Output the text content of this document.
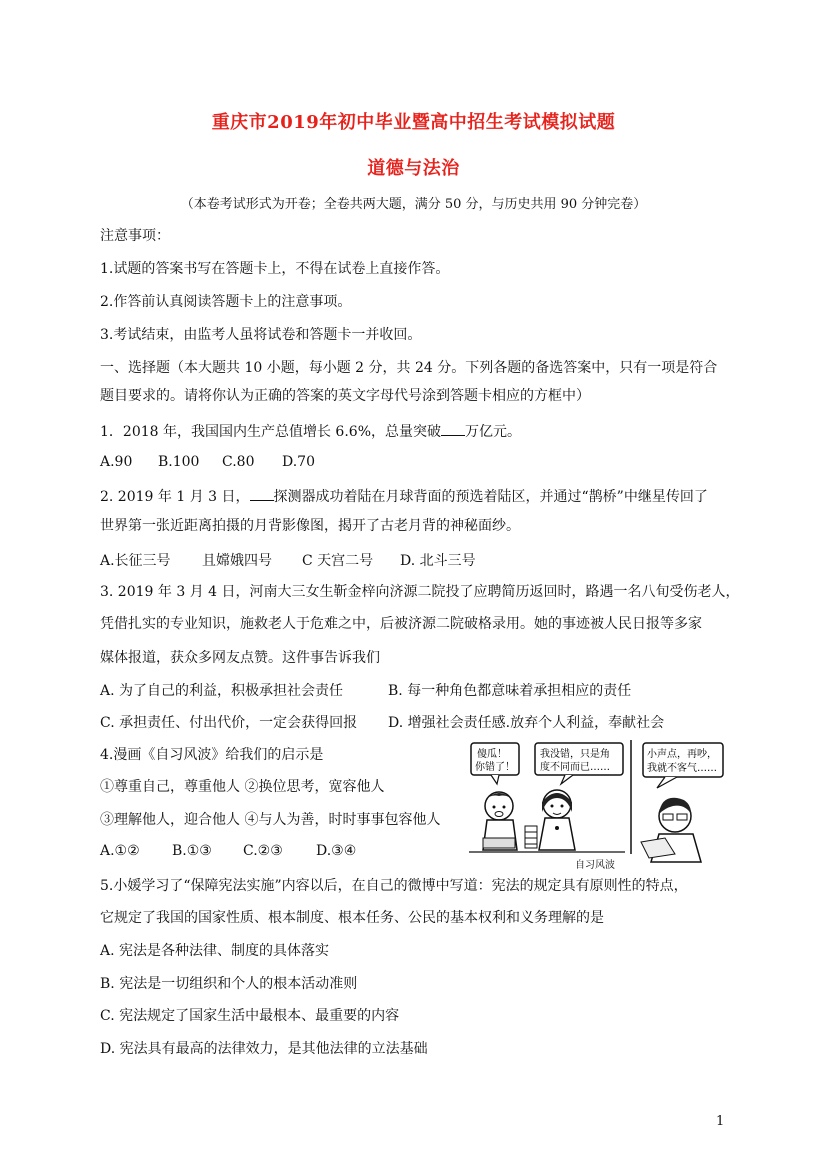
重庆市2019年初中毕业暨高中招生考试模拟试题
道德与法治
（本卷考试形式为开卷；全卷共两大题，满分 50 分，与历史共用 90 分钟完卷）
注意事项：
1.试题的答案书写在答题卡上，不得在试卷上直接作答。
2.作答前认真阅读答题卡上的注意事项。
3.考试结束，由监考人虽将试卷和答题卡一并收回。
一、选择题（本大题共 10 小题，每小题 2 分，共 24 分。下列各题的备选答案中，只有一项是符合
题目要求的。请将你认为正确的答案的英文字母代号涂到答题卡相应的方框中）
1．2018 年，我国国内生产总值增长 6.6%，总量突破 万亿元。
A.90 B.100 C.80 D.70
2. 2019 年 1 月 3 日， 探测器成功着陆在月球背面的预选着陆区，并通过“鹊桥”中继星传回了
世界第一张近距离拍摄的月背影像图，揭开了古老月背的神秘面纱。
A.长征三号 且嫦娥四号 C 天宫二号 D. 北斗三号
3. 2019 年 3 月 4 日，河南大三女生靳金梓向济源二院投了应聘简历返回时，路遇一名八旬受伤老人，
凭借扎实的专业知识，施救老人于危难之中，后被济源二院破格录用。她的事迹被人民日报等多家
媒体报道，获众多网友点赞。这件事告诉我们
A. 为了自己的利益，积极承担社会责任	B. 每一种角色都意味着承担相应的责任
C. 承担责任、付出代价，一定会获得回报 D. 增强社会责任感.放弃个人利益，奉献社会
4.漫画《自习风波》给我们的启示是
①尊重自己，尊重他人 ②换位思考，宽容他人
③理解他人，迎合他人 ④与人为善，时时事事包容他人
A.①② B.①③ C.②③ D.③④
傻瓜！
你错了！
我没错，只是角
度不同而已……
小声点，再吵，
我就不客气……
自习风波
5.小媛学习了“保障宪法实施”内容以后，在自己的微博中写道：宪法的规定具有原则性的特点，
它规定了我国的国家性质、根本制度、根本任务、公民的基本权利和义务理解的是
A. 宪法是各种法律、制度的具体落实
B. 宪法是一切组织和个人的根本活动准则
C. 宪法规定了国家生活中最根本、最重要的内容
D. 宪法具有最高的法律效力，是其他法律的立法基础
1
